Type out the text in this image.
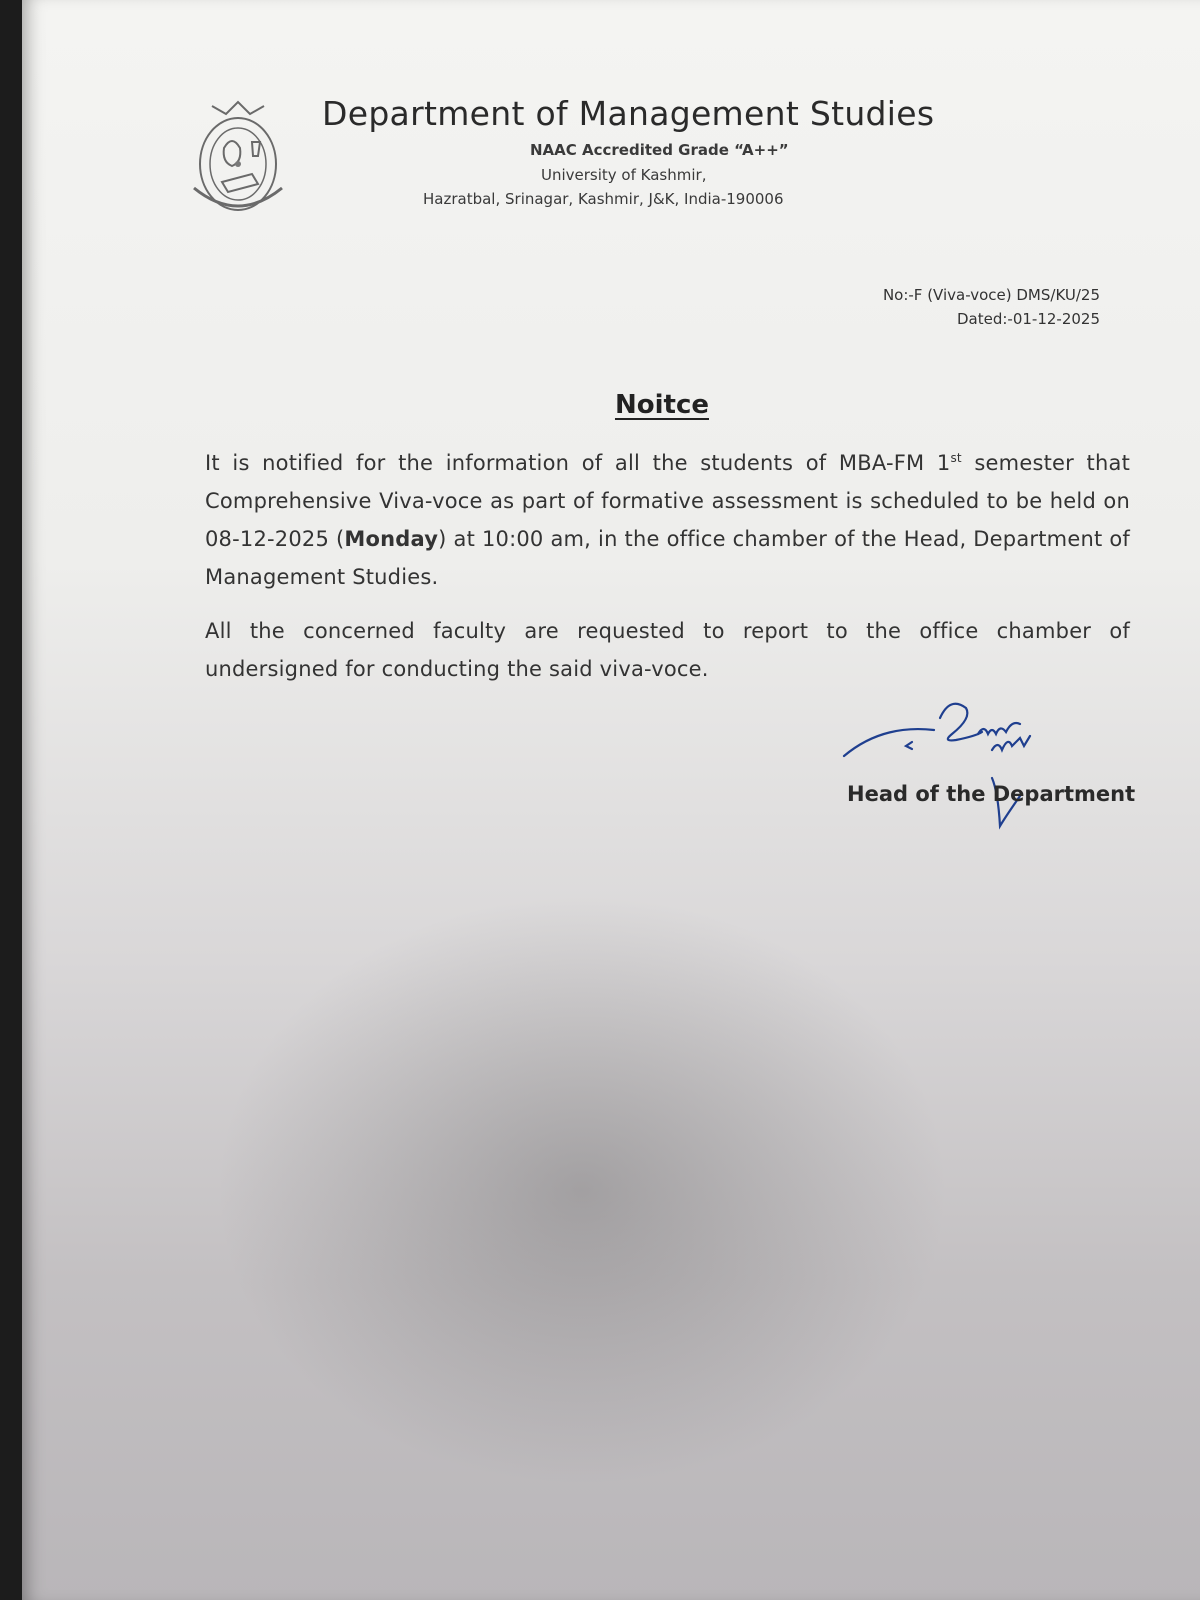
Department of Management Studies
NAAC Accredited Grade “A++”
University of Kashmir,
Hazratbal, Srinagar, Kashmir, J&K, India-190006
No:-F (Viva-voce) DMS/KU/25
Dated:-01-12-2025
Noitce
It is notified for the information of all the students of MBA-FM 1st semester that Comprehensive Viva-voce as part of formative assessment is scheduled to be held on 08-12-2025 (Monday) at 10:00 am, in the office chamber of the Head, Department of Management Studies.
All the concerned faculty are requested to report to the office chamber of undersigned for conducting the said viva-voce.
Head of the Department
